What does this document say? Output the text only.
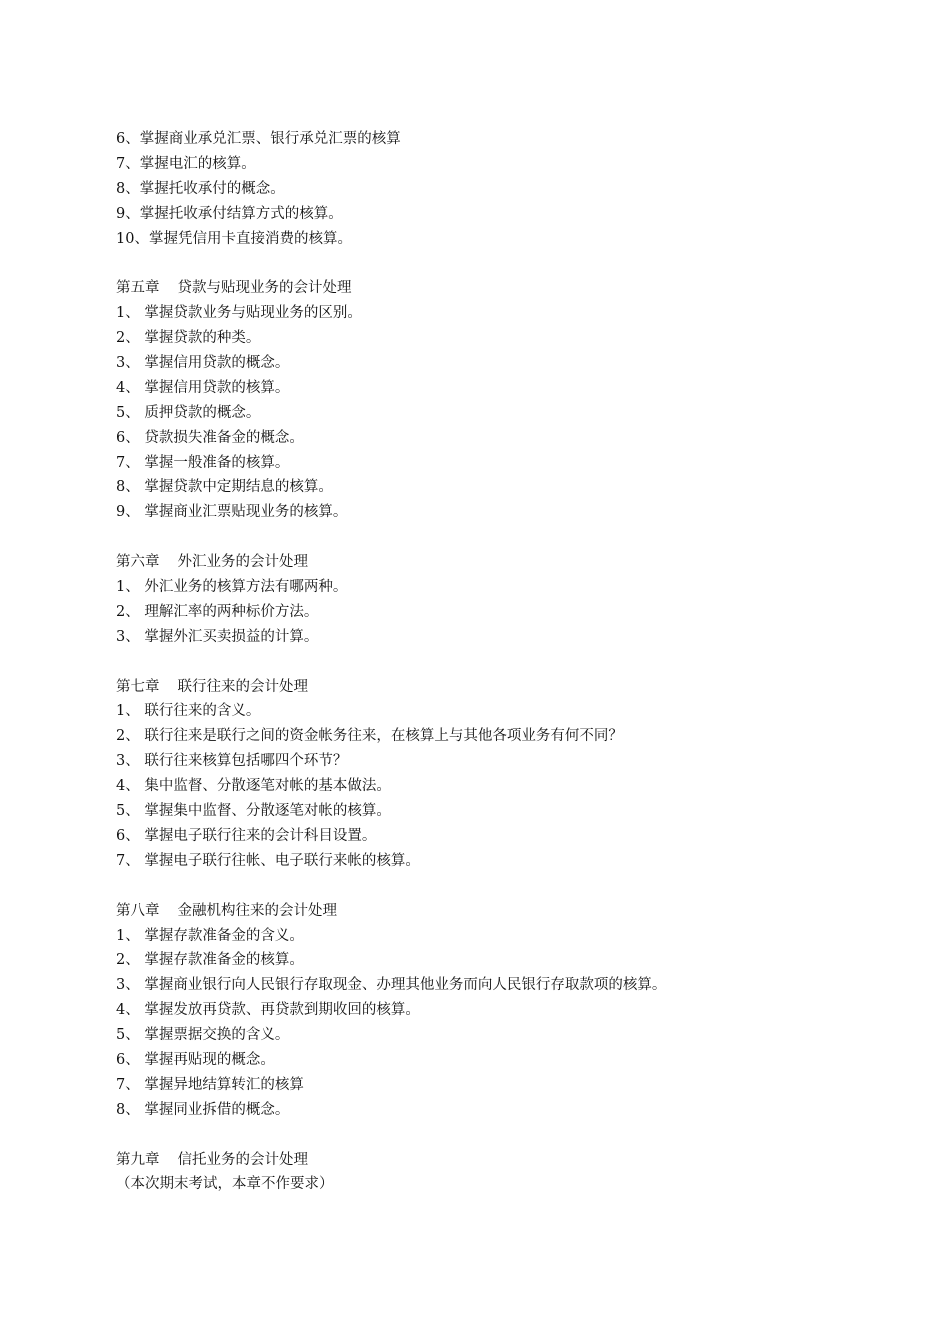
6、掌握商业承兑汇票、银行承兑汇票的核算
7、掌握电汇的核算。
8、掌握托收承付的概念。
9、掌握托收承付结算方式的核算。
10、掌握凭信用卡直接消费的核算。
第五章 贷款与贴现业务的会计处理
1、 掌握贷款业务与贴现业务的区别。
2、 掌握贷款的种类。
3、 掌握信用贷款的概念。
4、 掌握信用贷款的核算。
5、 质押贷款的概念。
6、 贷款损失准备金的概念。
7、 掌握一般准备的核算。
8、 掌握贷款中定期结息的核算。
9、 掌握商业汇票贴现业务的核算。
第六章 外汇业务的会计处理
1、 外汇业务的核算方法有哪两种。
2、 理解汇率的两种标价方法。
3、 掌握外汇买卖损益的计算。
第七章 联行往来的会计处理
1、 联行往来的含义。
2、 联行往来是联行之间的资金帐务往来，在核算上与其他各项业务有何不同？
3、 联行往来核算包括哪四个环节？
4、 集中监督、分散逐笔对帐的基本做法。
5、 掌握集中监督、分散逐笔对帐的核算。
6、 掌握电子联行往来的会计科目设置。
7、 掌握电子联行往帐、电子联行来帐的核算。
第八章 金融机构往来的会计处理
1、 掌握存款准备金的含义。
2、 掌握存款准备金的核算。
3、 掌握商业银行向人民银行存取现金、办理其他业务而向人民银行存取款项的核算。
4、 掌握发放再贷款、再贷款到期收回的核算。
5、 掌握票据交换的含义。
6、 掌握再贴现的概念。
7、 掌握异地结算转汇的核算
8、 掌握同业拆借的概念。
第九章 信托业务的会计处理
（本次期末考试，本章不作要求）
